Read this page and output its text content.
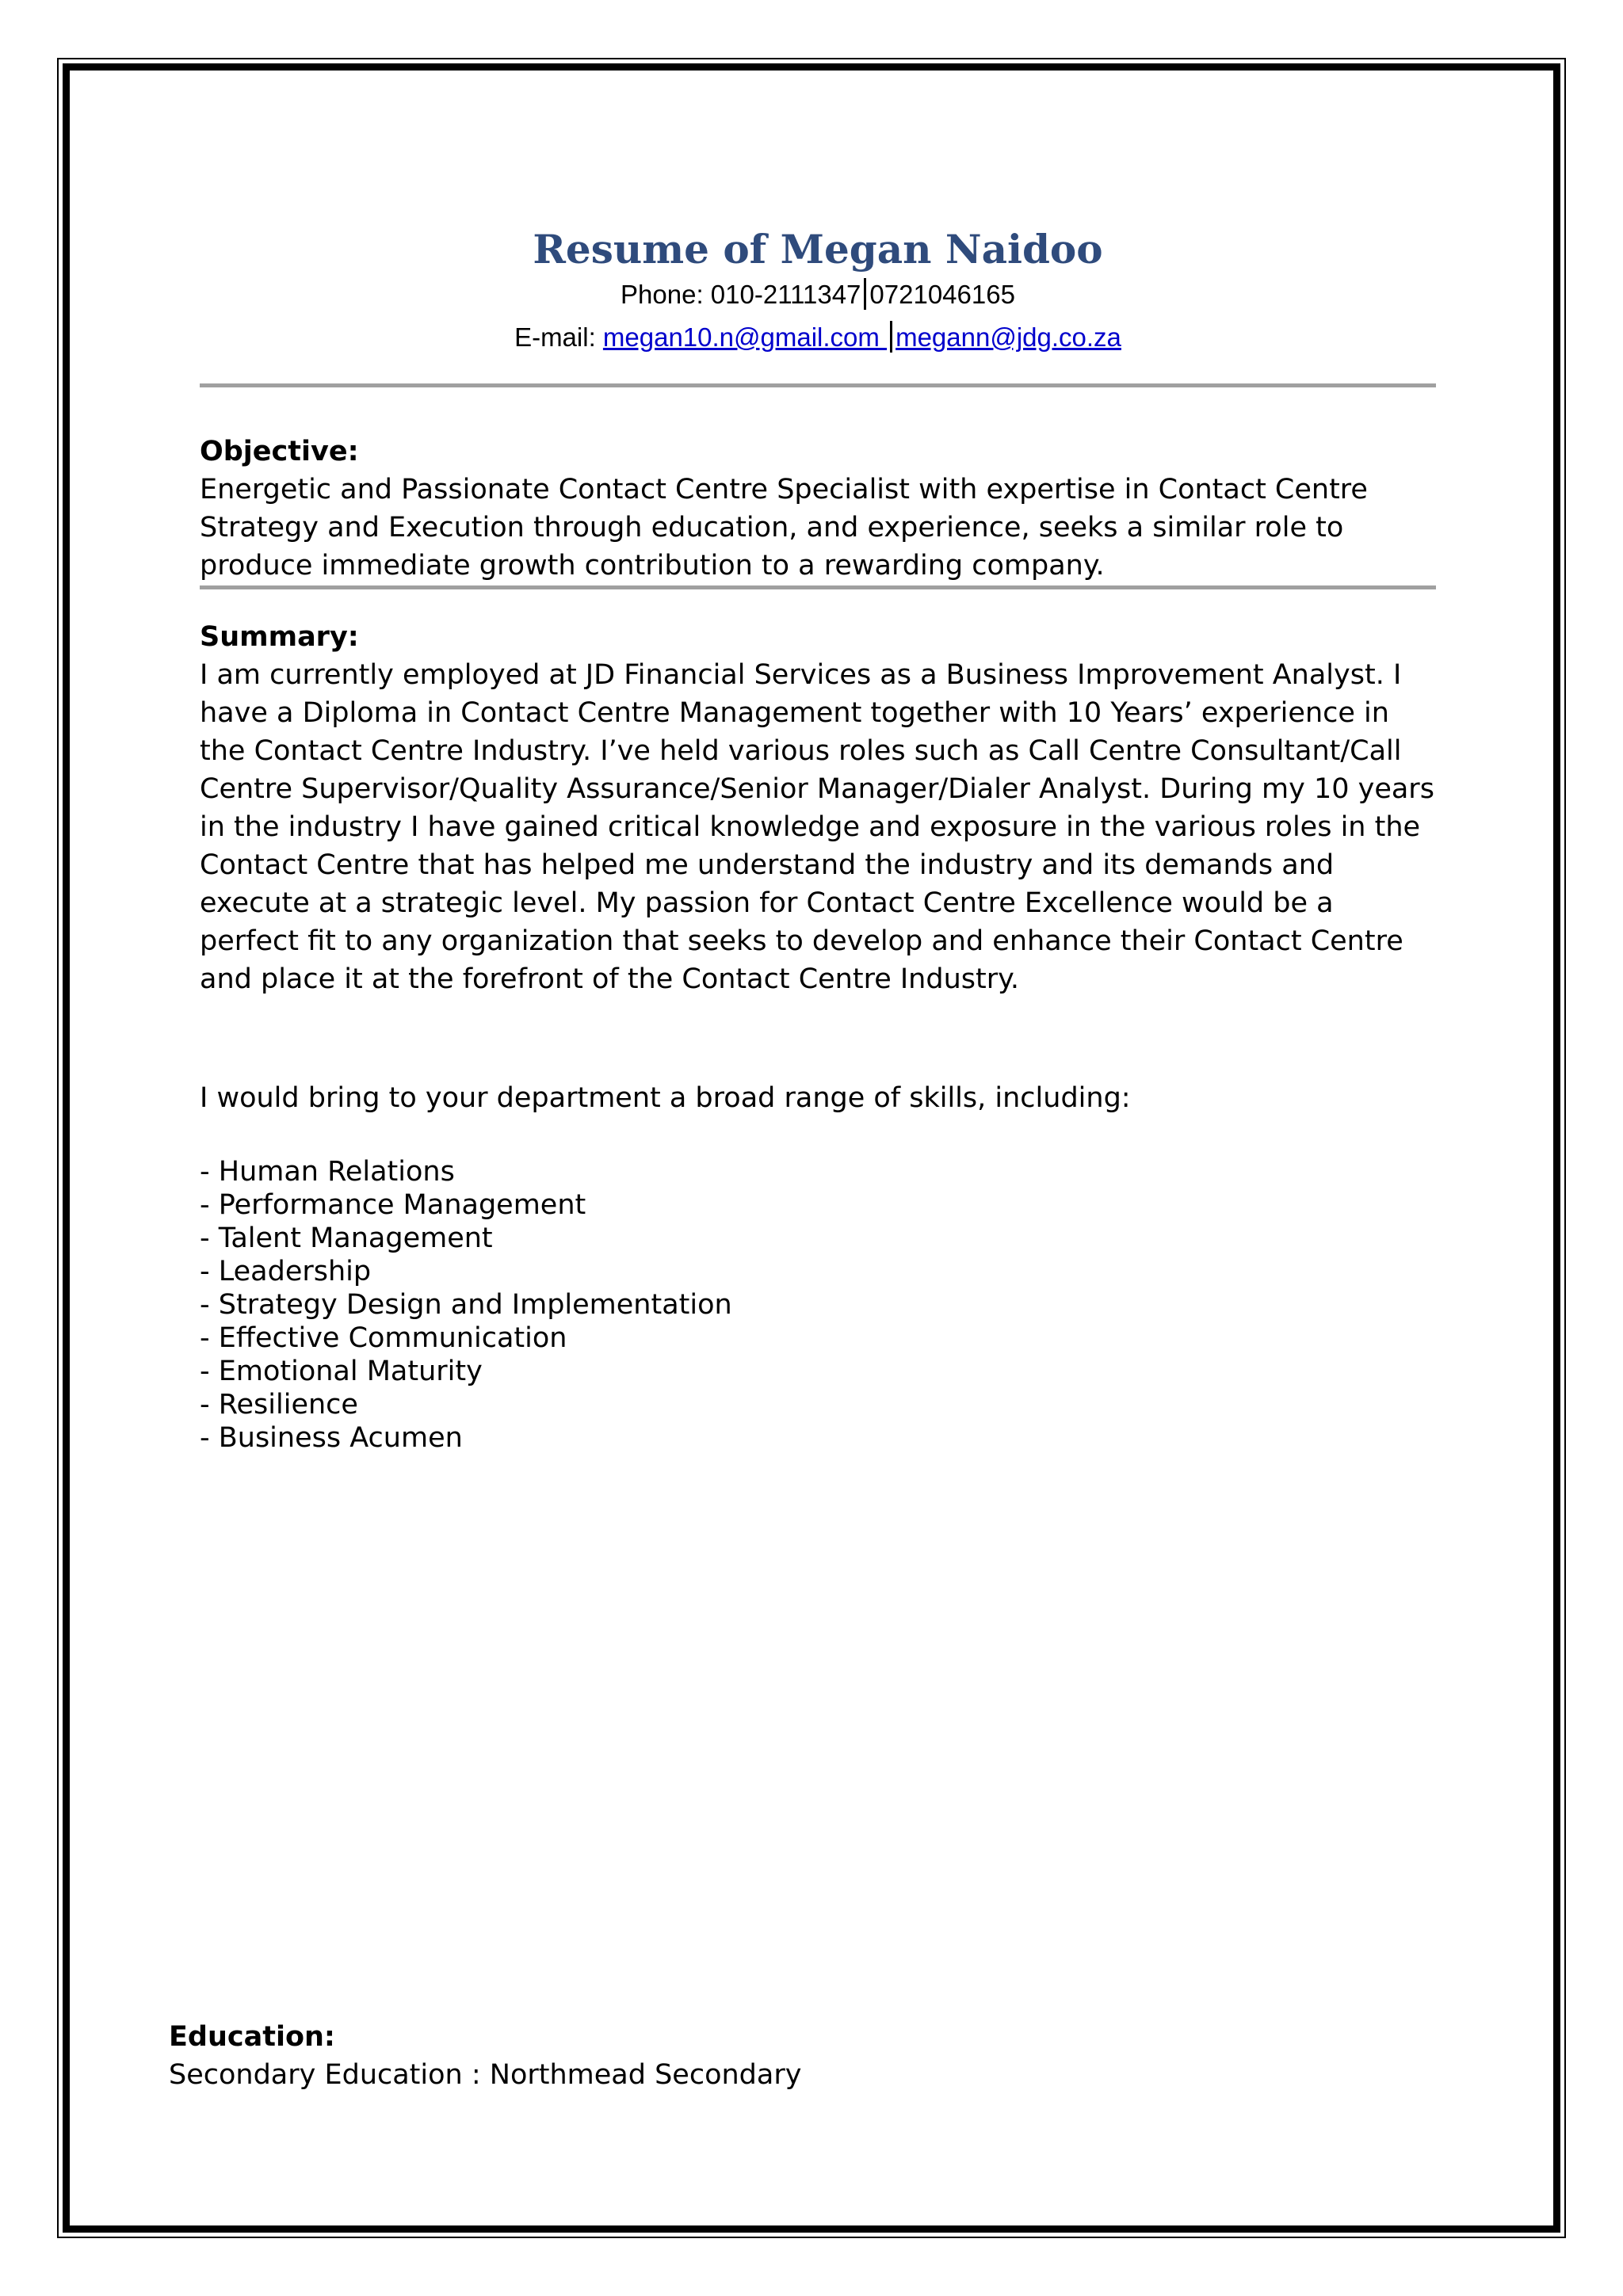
Resume of Megan Naidoo

Phone: 010-2111347 0721046165

E-mail: megan10.n@gmail.com megann@jdg.co.za

Objective:

Energetic and Passionate Contact Centre Specialist with expertise in Contact Centre Strategy and Execution through education, and experience, seeks a similar role to produce immediate growth contribution to a rewarding company.

Summary:

I am currently employed at JD Financial Services as a Business Improvement Analyst. I have a Diploma in Contact Centre Management together with 10 Years’ experience in the Contact Centre Industry. I’ve held various roles such as Call Centre Consultant/Call Centre Supervisor/Quality Assurance/Senior Manager/Dialer Analyst. During my 10 years in the industry I have gained critical knowledge and exposure in the various roles in the Contact Centre that has helped me understand the industry and its demands and execute at a strategic level. My passion for Contact Centre Excellence would be a perfect fit to any organization that seeks to develop and enhance their Contact Centre and place it at the forefront of the Contact Centre Industry.

I would bring to your department a broad range of skills, including:

- Human Relations
- Performance Management
- Talent Management
- Leadership
- Strategy Design and Implementation
- Effective Communication
- Emotional Maturity
- Resilience
- Business Acumen

Education:

Secondary Education : Northmead Secondary
